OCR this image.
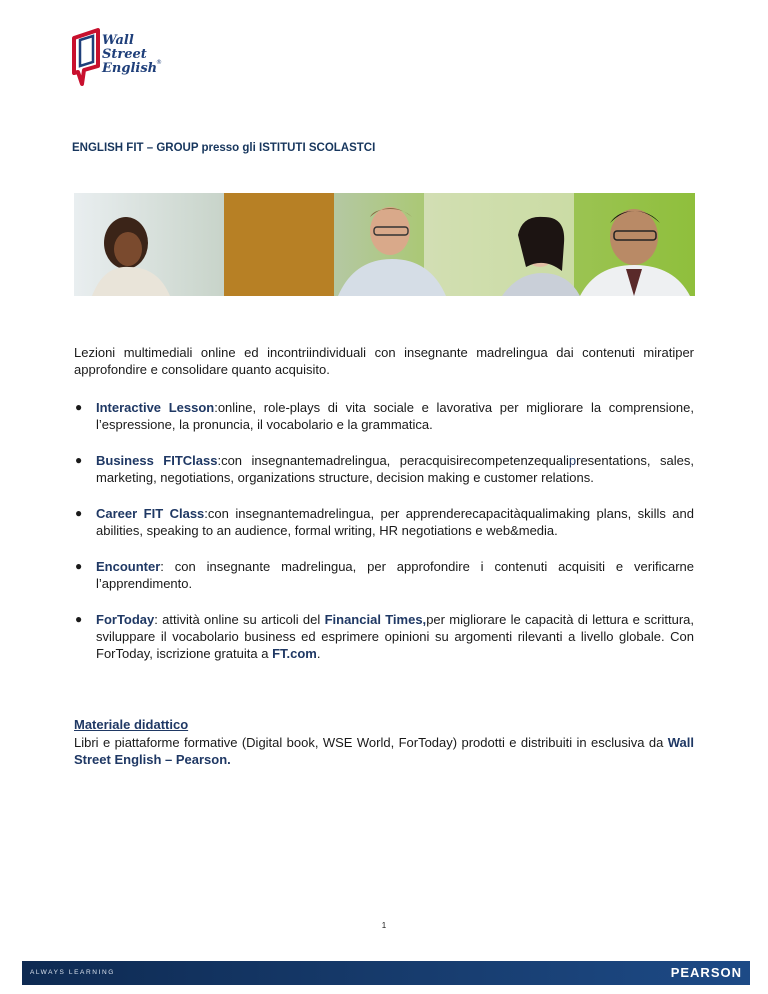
Wall
Street
English
®
ENGLISH FIT – GROUP presso gli ISTITUTI SCOLASTCI
Lezioni multimediali online ed incontriindividuali con insegnante madrelingua dai contenuti miratiper approfondire e consolidare quanto acquisito.
● Interactive Lesson:online, role-plays di vita sociale e lavorativa per migliorare la comprensione, l’espressione, la pronuncia, il vocabolario e la grammatica.
● Business FITClass:con insegnantemadrelingua, peracquisirecompetenzequalipresentations, sales, marketing, negotiations, organizations structure, decision making e customer relations.
● Career FIT Class:con insegnantemadrelingua, per apprenderecapacitàqualimaking plans, skills and abilities, speaking to an audience, formal writing, HR negotiations e web&media.
● Encounter: con insegnante madrelingua, per approfondire i contenuti acquisiti e verificarne l’apprendimento.
● ForToday: attività online su articoli del Financial Times,per migliorare le capacità di lettura e scrittura, sviluppare il vocabolario business ed esprimere opinioni su argomenti rilevanti a livello globale. Con ForToday, iscrizione gratuita a FT.com.
Materiale didattico
Libri e piattaforme formative (Digital book, WSE World, ForToday) prodotti e distribuiti in esclusiva da Wall Street English – Pearson.
1
ALWAYS LEARNING	PEARSON
